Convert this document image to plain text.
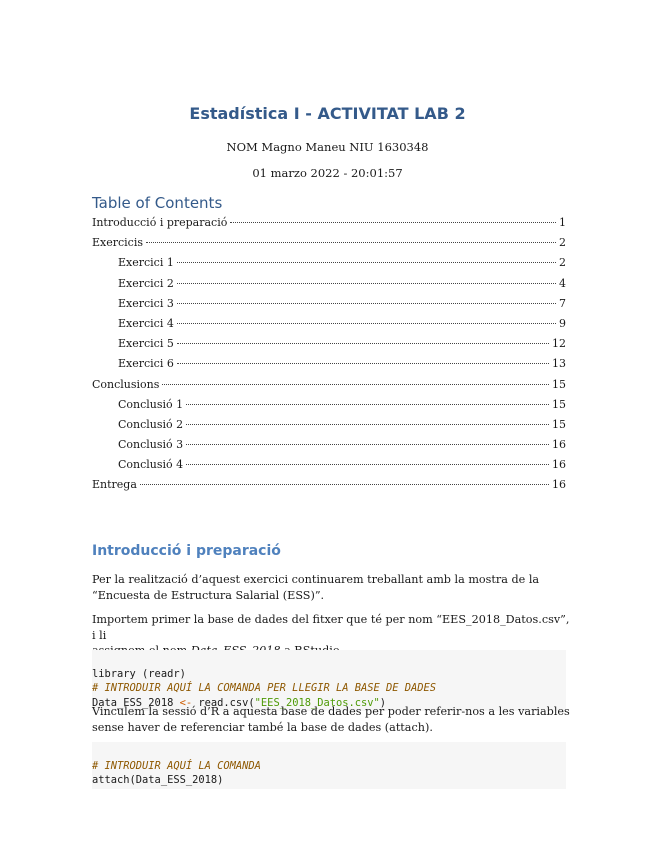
Estadística I - ACTIVITAT LAB 2
NOM Magno Maneu NIU 1630348
01 marzo 2022 - 20:01:57
Table of Contents
Introducció i preparació	1
Exercicis	2
Exercici 1	2
Exercici 2	4
Exercici 3	7
Exercici 4	9
Exercici 5	12
Exercici 6	13
Conclusions	15
Conclusió 1	15
Conclusió 2	15
Conclusió 3	16
Conclusió 4	16
Entrega	16
Introducció i preparació
Per la realització d’aquest exercici continuarem treballant amb la mostra de la
“Encuesta de Estructura Salarial (ESS)”.
Importem primer la base de dades del fitxer que té per nom “EES_2018_Datos.csv”, i li

library (readr)
# INTRODUIR AQUÍ LA COMANDA PER LLEGIR LA BASE DE DADES
Data_ESS_2018 <- read.csv("EES_2018_Datos.csv")
Vinculem la sessió d’R a aquesta base de dades per poder referir-nos a les variables
sense haver de referenciar també la base de dades (attach).

# INTRODUIR AQUÍ LA COMANDA
attach(Data_ESS_2018)
